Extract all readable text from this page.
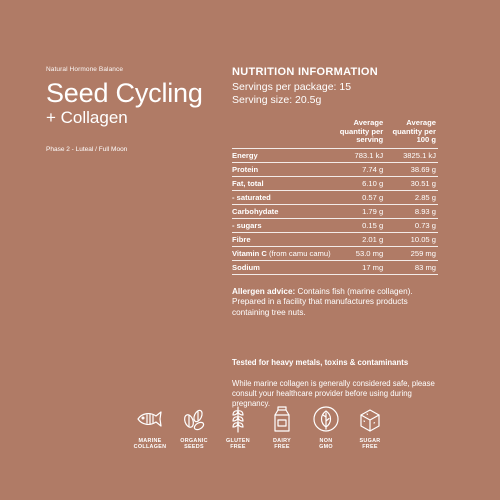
Natural Hormone Balance
Seed Cycling
+ Collagen
Phase 2 - Luteal / Full Moon
NUTRITION INFORMATION
Servings per package: 15
Serving size: 20.5g
	Average quantity per serving	Average quantity per 100 g
Energy	783.1 kJ	3825.1 kJ
Protein	7.74 g	38.69 g
Fat, total	6.10 g	30.51 g
- saturated	0.57 g	2.85 g
Carbohydate	1.79 g	8.93 g
- sugars	0.15 g	0.73 g
Fibre	2.01 g	10.05 g
Vitamin C (from camu camu)	53.0 mg	259 mg
Sodium	17 mg	83 mg
Allergen advice: Contains fish (marine collagen). Prepared in a facility that manufactures products containing tree nuts.
Tested for heavy metals, toxins & contaminants
While marine collagen is generally considered safe, please consult your healthcare provider before using during pregnancy.
MARINE
COLLAGEN
ORGANIC
SEEDS
GLUTEN
FREE
DAIRY
FREE
NON
GMO
SUGAR
FREE
